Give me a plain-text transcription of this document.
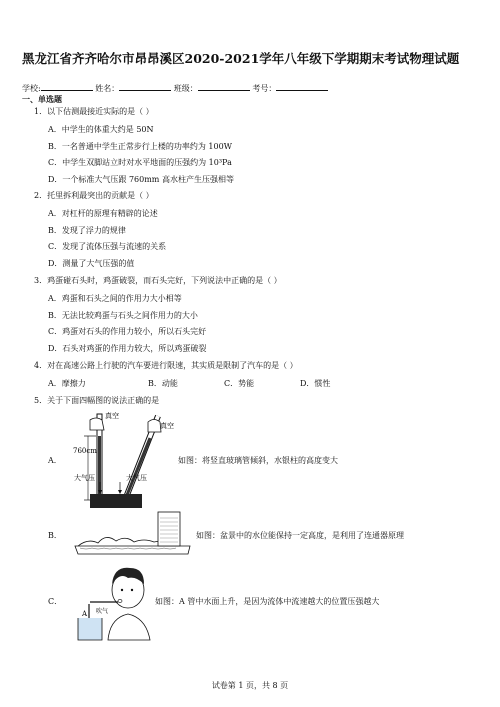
黑龙江省齐齐哈尔市昂昂溪区2020-2021学年八年级下学期期末考试物理试题
学校:	姓名：	班级：	考号：
一、单选题
1．以下估测最接近实际的是（ ）
A．中学生的体重大约是 50N
B．一名普通中学生正常步行上楼的功率约为 100W
C．中学生双脚站立时对水平地面的压强约为 10³Pa
D．一个标准大气压跟 760mm 高水柱产生压强相等
2．托里拆利最突出的贡献是（ ）
A．对杠杆的原理有精辟的论述
B．发现了浮力的规律
C．发现了流体压强与流速的关系
D．测量了大气压强的值
3．鸡蛋碰石头时，鸡蛋破裂，而石头完好，下列说法中正确的是（ ）
A．鸡蛋和石头之间的作用力大小相等
B．无法比较鸡蛋与石头之间作用力的大小
C．鸡蛋对石头的作用力较小，所以石头完好
D．石头对鸡蛋的作用力较大，所以鸡蛋破裂
4．对在高速公路上行驶的汽车要进行限速，其实质是限制了汽车的是（ ）
A．摩擦力	B．动能	C．势能	D．惯性
5．关于下面四幅图的说法正确的是
真空
真空
760cm
大气压	大气压
A．	如图：将竖直玻璃管倾斜，水银柱的高度变大
B．	如图：盆景中的水位能保持一定高度，是利用了连通器原理
A 吹气
C．	如图：A 管中水面上升，是因为流体中流速越大的位置压强越大
试卷第 1 页，共 8 页
